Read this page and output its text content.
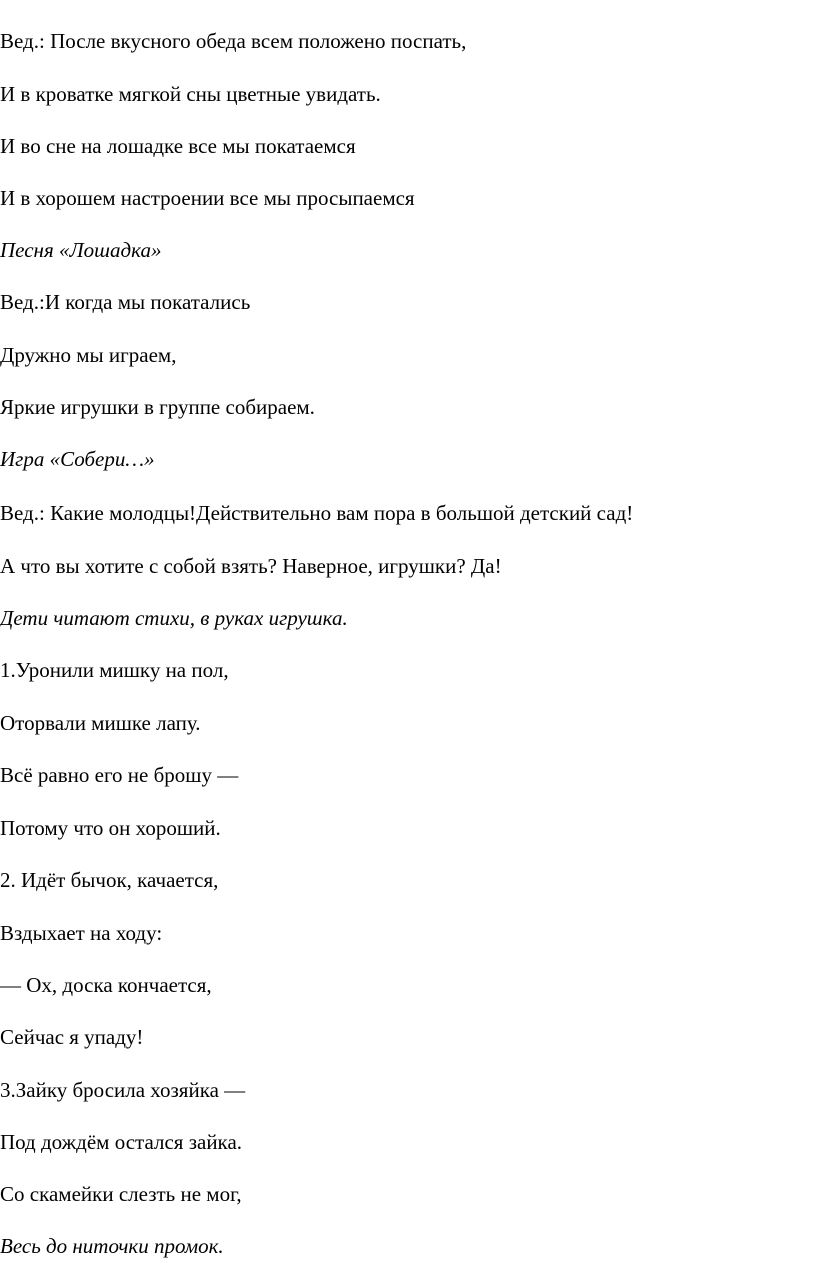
Вед.: После вкусного обеда всем положено поспать,

И в кроватке мягкой сны цветные увидать.

И во сне на лошадке все мы покатаемся

И в хорошем настроении все мы просыпаемся

Песня «Лошадка»

Вед.:И когда мы покатались

Дружно мы играем,

Яркие игрушки в группе собираем.

Игра «Собери…»

Вед.: Какие молодцы!Действительно вам пора в большой детский сад!

А что вы хотите с собой взять? Наверное, игрушки? Да!

Дети читают стихи, в руках игрушка.

1.Уронили мишку на пол,

Оторвали мишке лапу.

Всё равно его не брошу —

Потому что он хороший.

2. Идёт бычок, качается,

Вздыхает на ходу:

— Ох, доска кончается,

Сейчас я упаду!

3.Зайку бросила хозяйка —

Под дождём остался зайка.

Со скамейки слезть не мог,

Весь до ниточки промок.
